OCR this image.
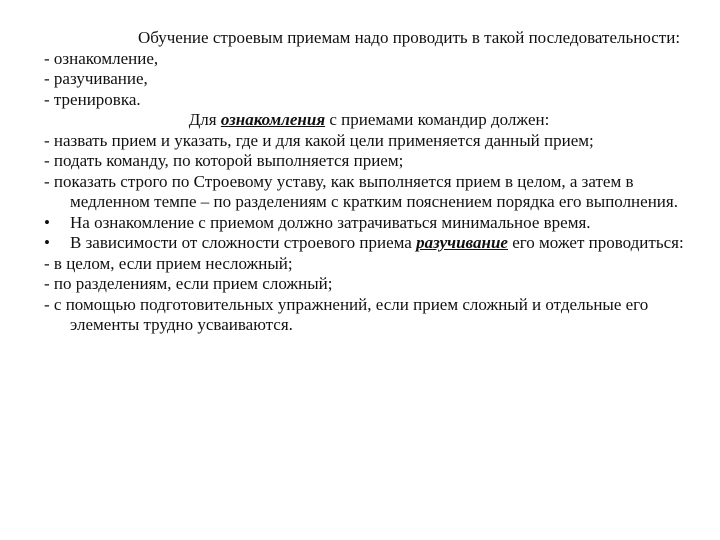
Обучение строевым приемам надо проводить в такой последовательности:
- ознакомление,
- разучивание,
- тренировка.
Для ознакомления с приемами командир должен:
- назвать прием и указать, где и для какой цели применяется данный прием;
- подать команду, по которой выполняется прием;
- показать строго по Строевому уставу, как выполняется прием в целом, а затем в медленном темпе – по разделениям с кратким пояснением порядка его выполнения.
• На ознакомление с приемом должно затрачиваться минимальное время.
• В зависимости от сложности строевого приема разучивание его может проводиться:
- в целом, если прием несложный;
- по разделениям, если прием сложный;
- с помощью подготовительных упражнений, если прием сложный и отдельные его элементы трудно усваиваются.
